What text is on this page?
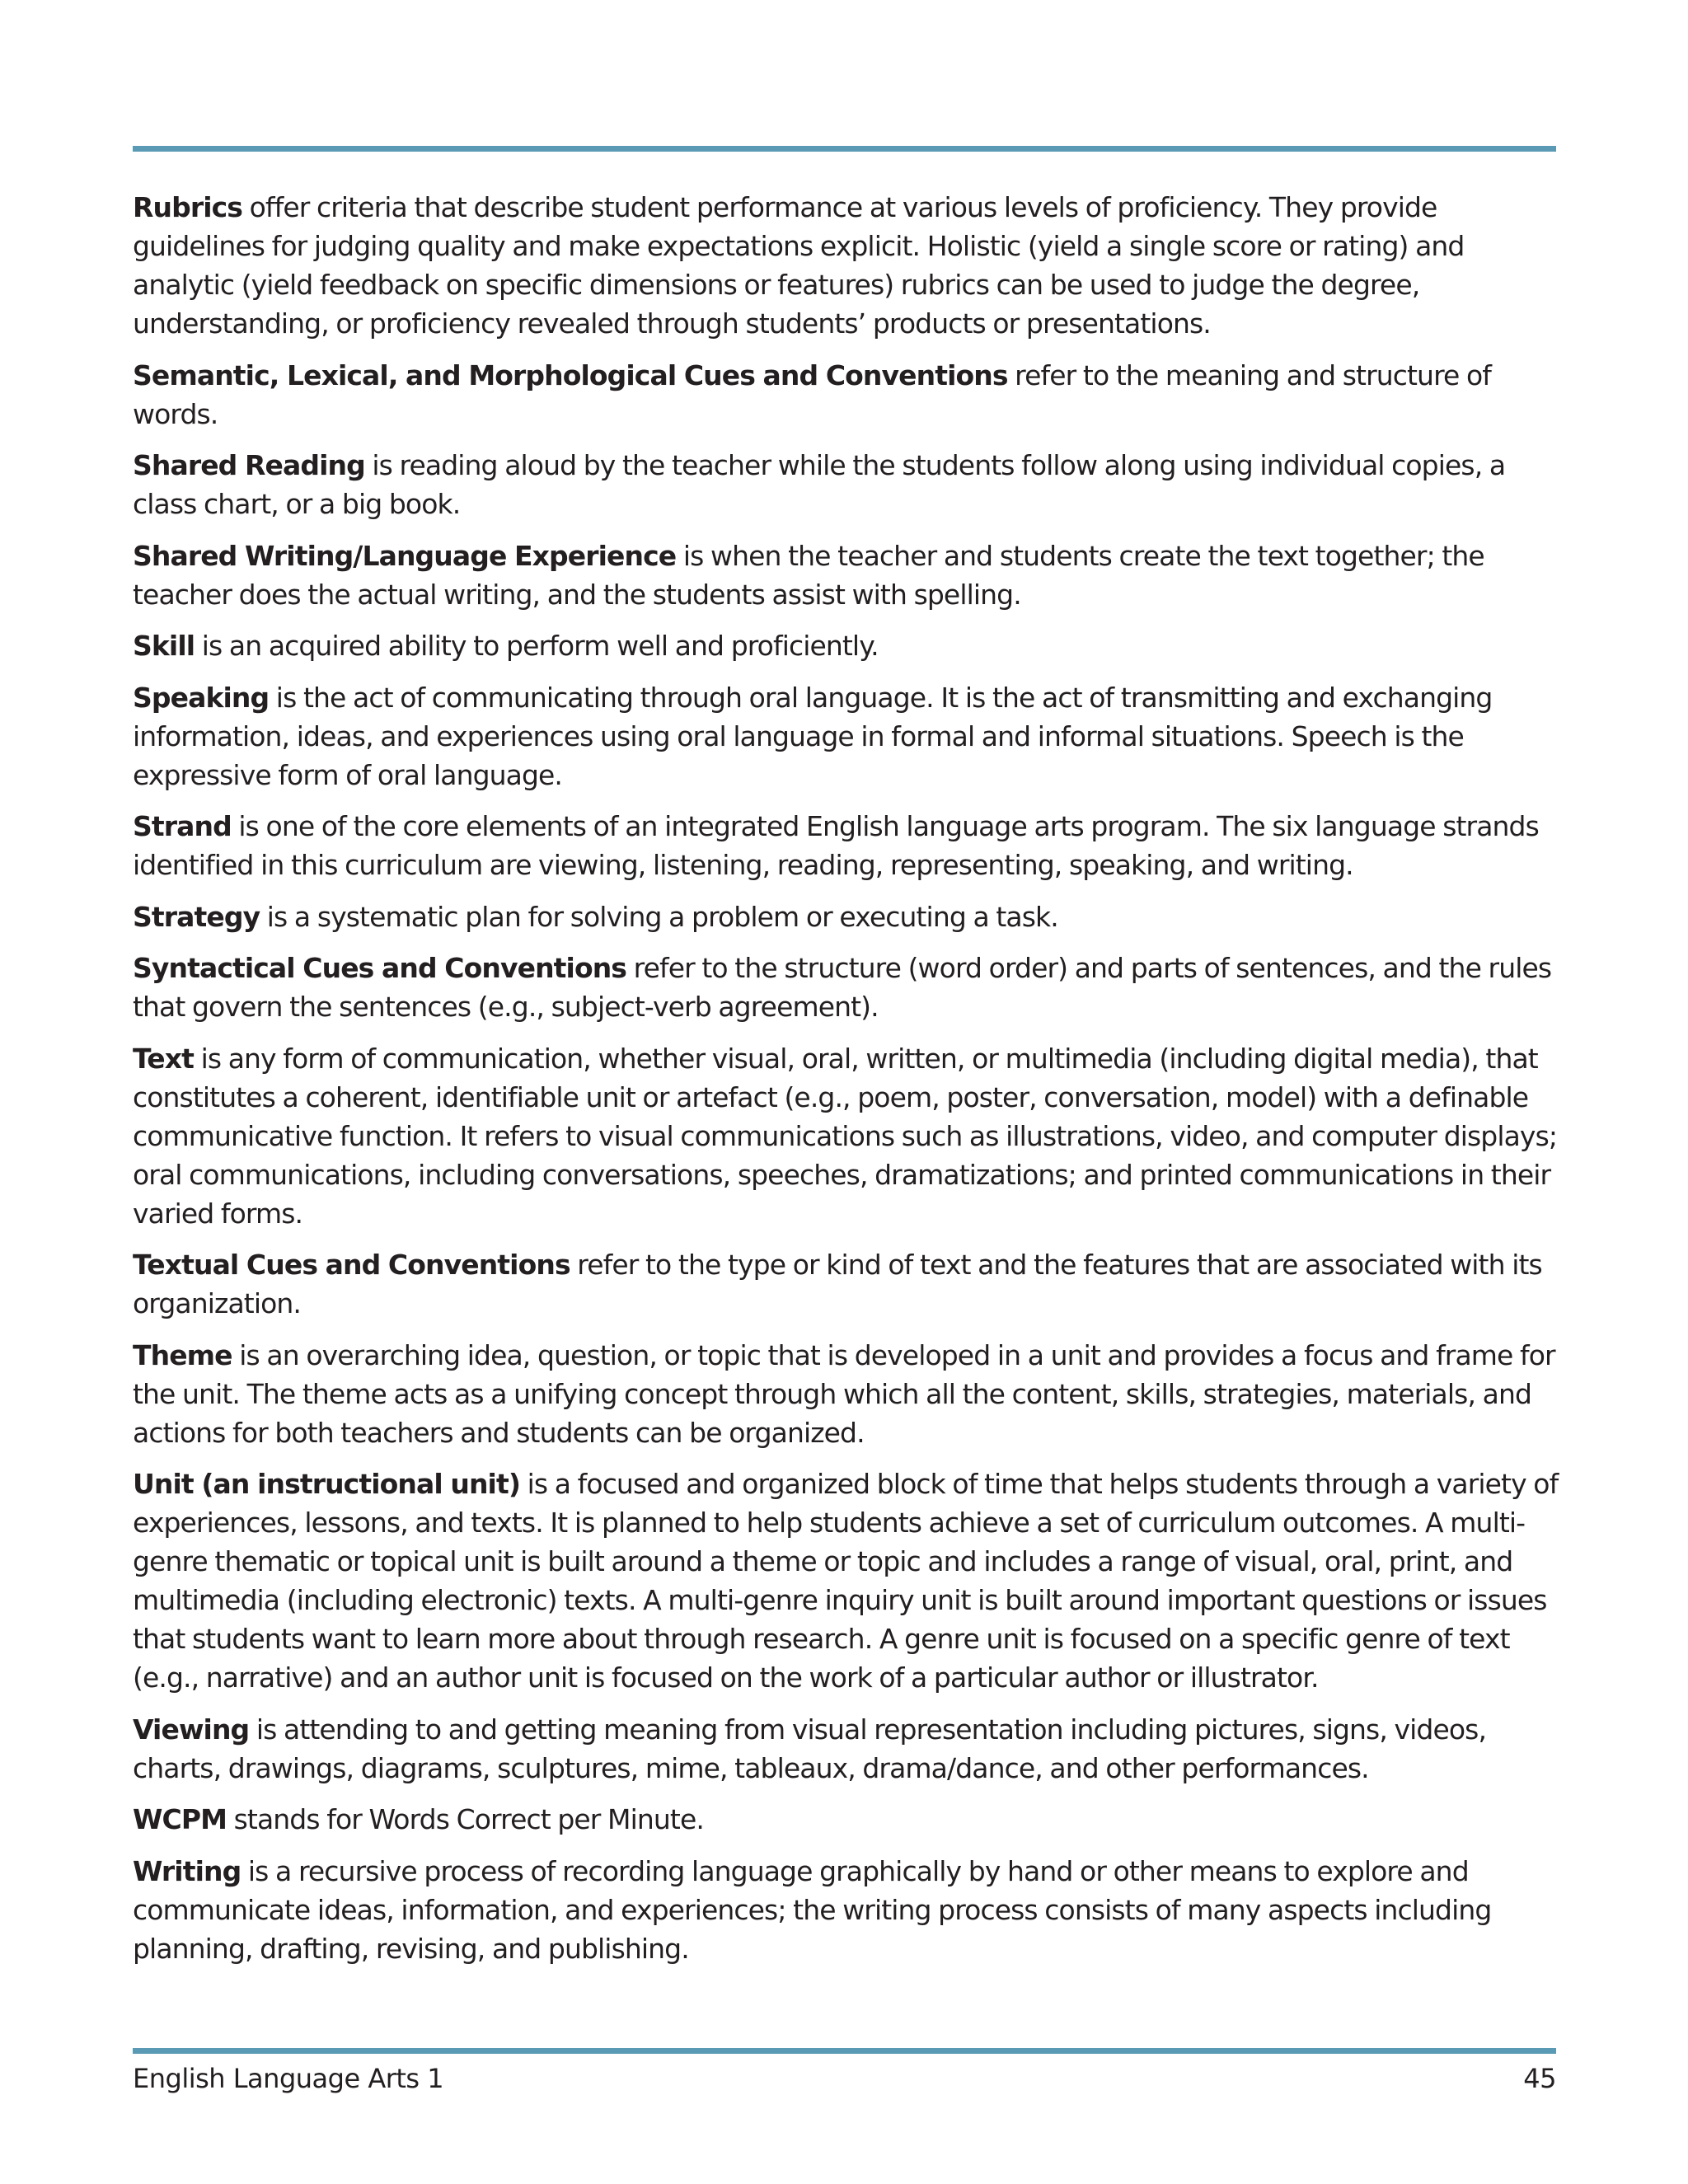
Rubrics offer criteria that describe student performance at various levels of proficiency. They provide guidelines for judging quality and make expectations explicit. Holistic (yield a single score or rating) and analytic (yield feedback on specific dimensions or features) rubrics can be used to judge the degree, understanding, or proficiency revealed through students’ products or presentations.

Semantic, Lexical, and Morphological Cues and Conventions refer to the meaning and structure of words.

Shared Reading is reading aloud by the teacher while the students follow along using individual copies, a class chart, or a big book.

Shared Writing/Language Experience is when the teacher and students create the text together; the teacher does the actual writing, and the students assist with spelling.

Skill is an acquired ability to perform well and proficiently.

Speaking is the act of communicating through oral language. It is the act of transmitting and exchanging information, ideas, and experiences using oral language in formal and informal situations. Speech is the expressive form of oral language.

Strand is one of the core elements of an integrated English language arts program. The six language strands identified in this curriculum are viewing, listening, reading, representing, speaking, and writing.

Strategy is a systematic plan for solving a problem or executing a task.

Syntactical Cues and Conventions refer to the structure (word order) and parts of sentences, and the rules that govern the sentences (e.g., subject-verb agreement).

Text is any form of communication, whether visual, oral, written, or multimedia (including digital media), that constitutes a coherent, identifiable unit or artefact (e.g., poem, poster, conversation, model) with a definable communicative function. It refers to visual communications such as illustrations, video, and computer displays; oral communications, including conversations, speeches, dramatizations; and printed communications in their varied forms.

Textual Cues and Conventions refer to the type or kind of text and the features that are associated with its organization.

Theme is an overarching idea, question, or topic that is developed in a unit and provides a focus and frame for the unit. The theme acts as a unifying concept through which all the content, skills, strategies, materials, and actions for both teachers and students can be organized.

Unit (an instructional unit) is a focused and organized block of time that helps students through a variety of experiences, lessons, and texts. It is planned to help students achieve a set of curriculum outcomes. A multi-genre thematic or topical unit is built around a theme or topic and includes a range of visual, oral, print, and multimedia (including electronic) texts. A multi-genre inquiry unit is built around important questions or issues that students want to learn more about through research. A genre unit is focused on a specific genre of text (e.g., narrative) and an author unit is focused on the work of a particular author or illustrator.

Viewing is attending to and getting meaning from visual representation including pictures, signs, videos, charts, drawings, diagrams, sculptures, mime, tableaux, drama/dance, and other performances.

WCPM stands for Words Correct per Minute.

Writing is a recursive process of recording language graphically by hand or other means to explore and communicate ideas, information, and experiences; the writing process consists of many aspects including planning, drafting, revising, and publishing.

English Language Arts 1	45
